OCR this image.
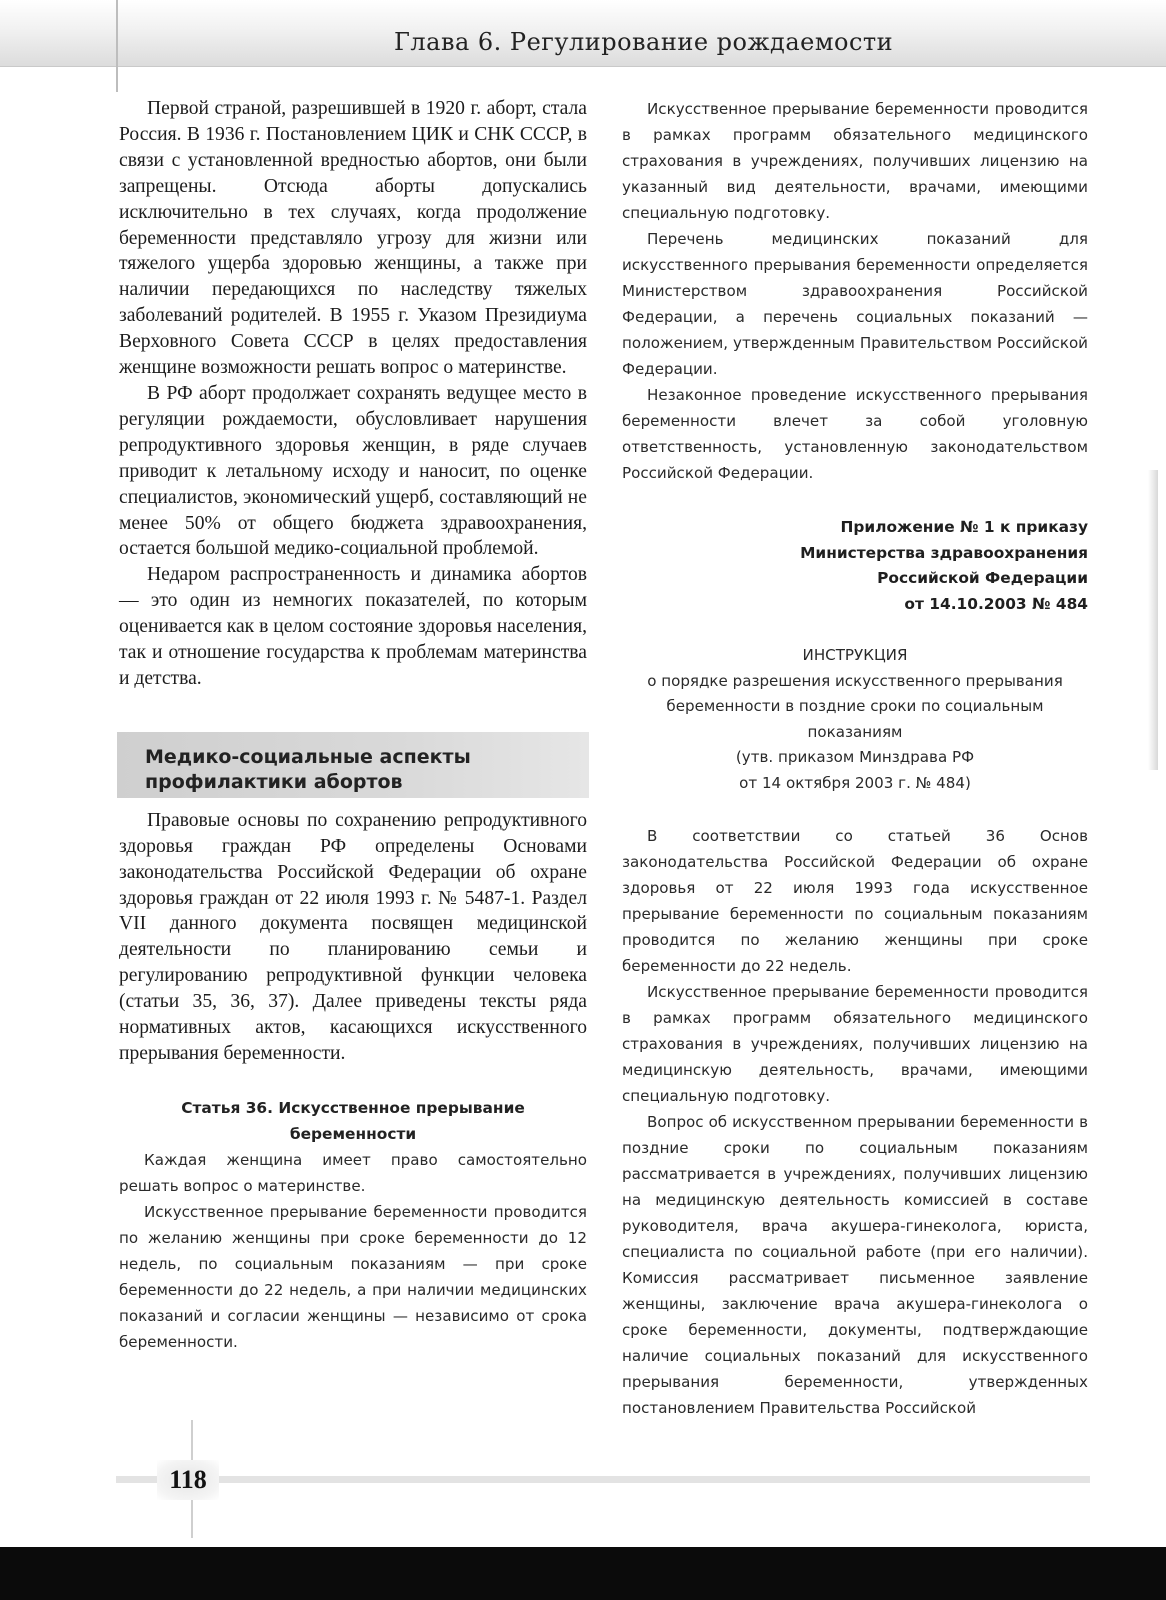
Глава 6. Регулирование рождаемости

Первой страной, разрешившей в 1920 г. аборт, стала Россия. В 1936 г. Постановлением ЦИК и СНК СССР, в связи с установленной вредностью абортов, они были запрещены. Отсюда аборты допускались исключительно в тех случаях, когда продолжение беременности представляло угрозу для жизни или тяжелого ущерба здоровью женщины, а также при наличии передающихся по наследству тяжелых заболеваний родителей. В 1955 г. Указом Президиума Верховного Совета СССР в целях предоставления женщине возможности решать вопрос о материнстве.

В РФ аборт продолжает сохранять ведущее место в регуляции рождаемости, обусловливает нарушения репродуктивного здоровья женщин, в ряде случаев приводит к летальному исходу и наносит, по оценке специалистов, экономический ущерб, составляющий не менее 50% от общего бюджета здравоохранения, остается большой медико-социальной проблемой.

Недаром распространенность и динамика абортов — это один из немногих показателей, по которым оценивается как в целом состояние здоровья населения, так и отношение государства к проблемам материнства и детства.

Медико-социальные аспекты
профилактики абортов

Правовые основы по сохранению репродуктивного здоровья граждан РФ определены Основами законодательства Российской Федерации об охране здоровья граждан от 22 июля 1993 г. № 5487-1. Раздел VII данного документа посвящен медицинской деятельности по планированию семьи и регулированию репродуктивной функции человека (статьи 35, 36, 37). Далее приведены тексты ряда нормативных актов, касающихся искусственного прерывания беременности.

Статья 36. Искусственное прерывание
беременности

Каждая женщина имеет право самостоятельно решать вопрос о материнстве.

Искусственное прерывание беременности проводится по желанию женщины при сроке беременности до 12 недель, по социальным показаниям — при сроке беременности до 22 недель, а при наличии медицинских показаний и согласии женщины — независимо от срока беременности.

Искусственное прерывание беременности проводится в рамках программ обязательного медицинского страхования в учреждениях, получивших лицензию на указанный вид деятельности, врачами, имеющими специальную подготовку.

Перечень медицинских показаний для искусственного прерывания беременности определяется Министерством здравоохранения Российской Федерации, а перечень социальных показаний — положением, утвержденным Правительством Российской Федерации.

Незаконное проведение искусственного прерывания беременности влечет за собой уголовную ответственность, установленную законодательством Российской Федерации.

Приложение № 1 к приказу
Министерства здравоохранения
Российской Федерации
от 14.10.2003 № 484
ИНСТРУКЦИЯ
о порядке разрешения искусственного прерывания
беременности в поздние сроки по социальным
показаниям
(утв. приказом Минздрава РФ
от 14 октября 2003 г. № 484)

В соответствии со статьей 36 Основ законодательства Российской Федерации об охране здоровья от 22 июля 1993 года искусственное прерывание беременности по социальным показаниям проводится по желанию женщины при сроке беременности до 22 недель.

Искусственное прерывание беременности проводится в рамках программ обязательного медицинского страхования в учреждениях, получивших лицензию на медицинскую деятельность, врачами, имеющими специальную подготовку.

Вопрос об искусственном прерывании беременности в поздние сроки по социальным показаниям рассматривается в учреждениях, получивших лицензию на медицинскую деятельность комиссией в составе руководителя, врача акушера-гинеколога, юриста, специалиста по социальной работе (при его наличии). Комиссия рассматривает письменное заявление женщины, заключение врача акушера-гинеколога о сроке беременности, документы, подтверждающие наличие социальных показаний для искусственного прерывания беременности, утвержденных постановлением Правительства Российской

118
